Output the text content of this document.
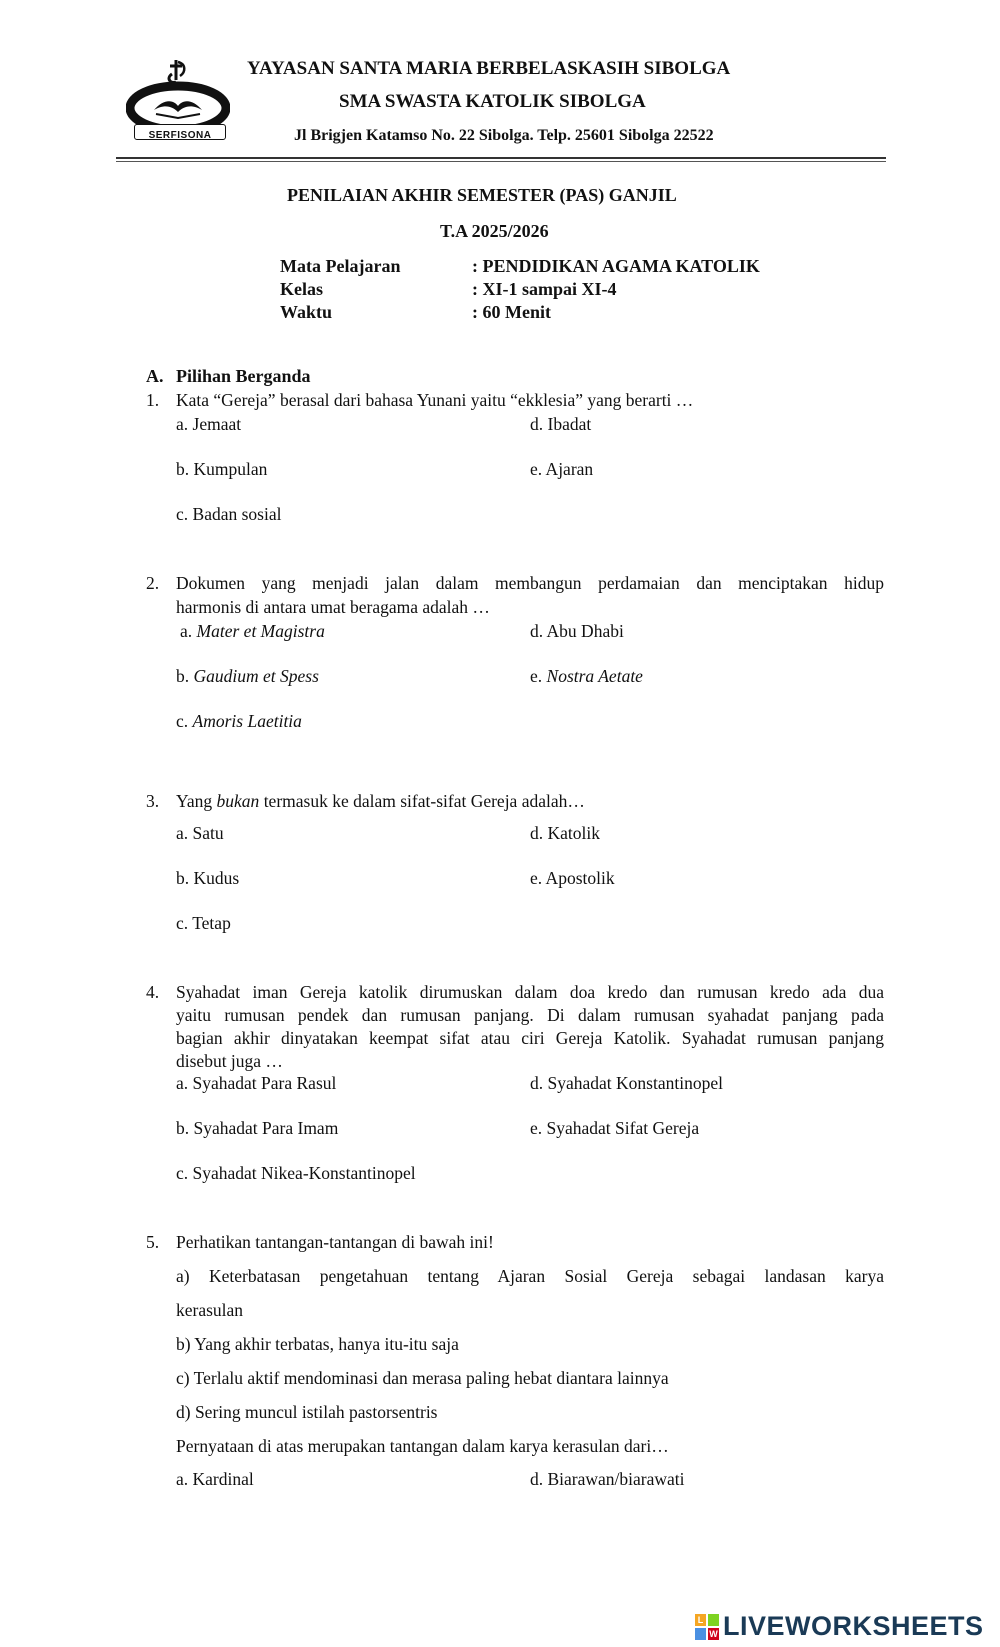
SERFISONA
YAYASAN SANTA MARIA BERBELASKASIH SIBOLGA
SMA SWASTA KATOLIK SIBOLGA
Jl Brigjen Katamso No. 22 Sibolga. Telp. 25601 Sibolga 22522
PENILAIAN AKHIR SEMESTER (PAS) GANJIL
T.A 2025/2026
Mata Pelajaran	: PENDIDIKAN AGAMA KATOLIK
Kelas	: XI-1 sampai XI-4
Waktu	: 60 Menit
A. Pilihan Berganda
1. Kata “Gereja” berasal dari bahasa Yunani yaitu “ekklesia” yang berarti …
a. Jemaat	d. Ibadat
b. Kumpulan	e. Ajaran
c. Badan sosial
2. Dokumen yang menjadi jalan dalam membangun perdamaian dan menciptakan hidup
harmonis di antara umat beragama adalah …
a. Mater et Magistra	d. Abu Dhabi
b. Gaudium et Spess	e. Nostra Aetate
c. Amoris Laetitia
3. Yang bukan termasuk ke dalam sifat-sifat Gereja adalah…
a. Satu	d. Katolik
b. Kudus	e. Apostolik
c. Tetap
4. Syahadat iman Gereja katolik dirumuskan dalam doa kredo dan rumusan kredo ada dua
yaitu rumusan pendek dan rumusan panjang. Di dalam rumusan syahadat panjang pada
bagian akhir dinyatakan keempat sifat atau ciri Gereja Katolik. Syahadat rumusan panjang
disebut juga …
a. Syahadat Para Rasul	d. Syahadat Konstantinopel
b. Syahadat Para Imam	e. Syahadat Sifat Gereja
c. Syahadat Nikea-Konstantinopel
5. Perhatikan tantangan-tantangan di bawah ini!
a) Keterbatasan pengetahuan tentang Ajaran Sosial Gereja sebagai landasan karya
kerasulan
b) Yang akhir terbatas, hanya itu-itu saja
c) Terlalu aktif mendominasi dan merasa paling hebat diantara lainnya
d) Sering muncul istilah pastorsentris
Pernyataan di atas merupakan tantangan dalam karya kerasulan dari…
a. Kardinal	d. Biarawan/biarawati
L
W LIVEWORKSHEETS
